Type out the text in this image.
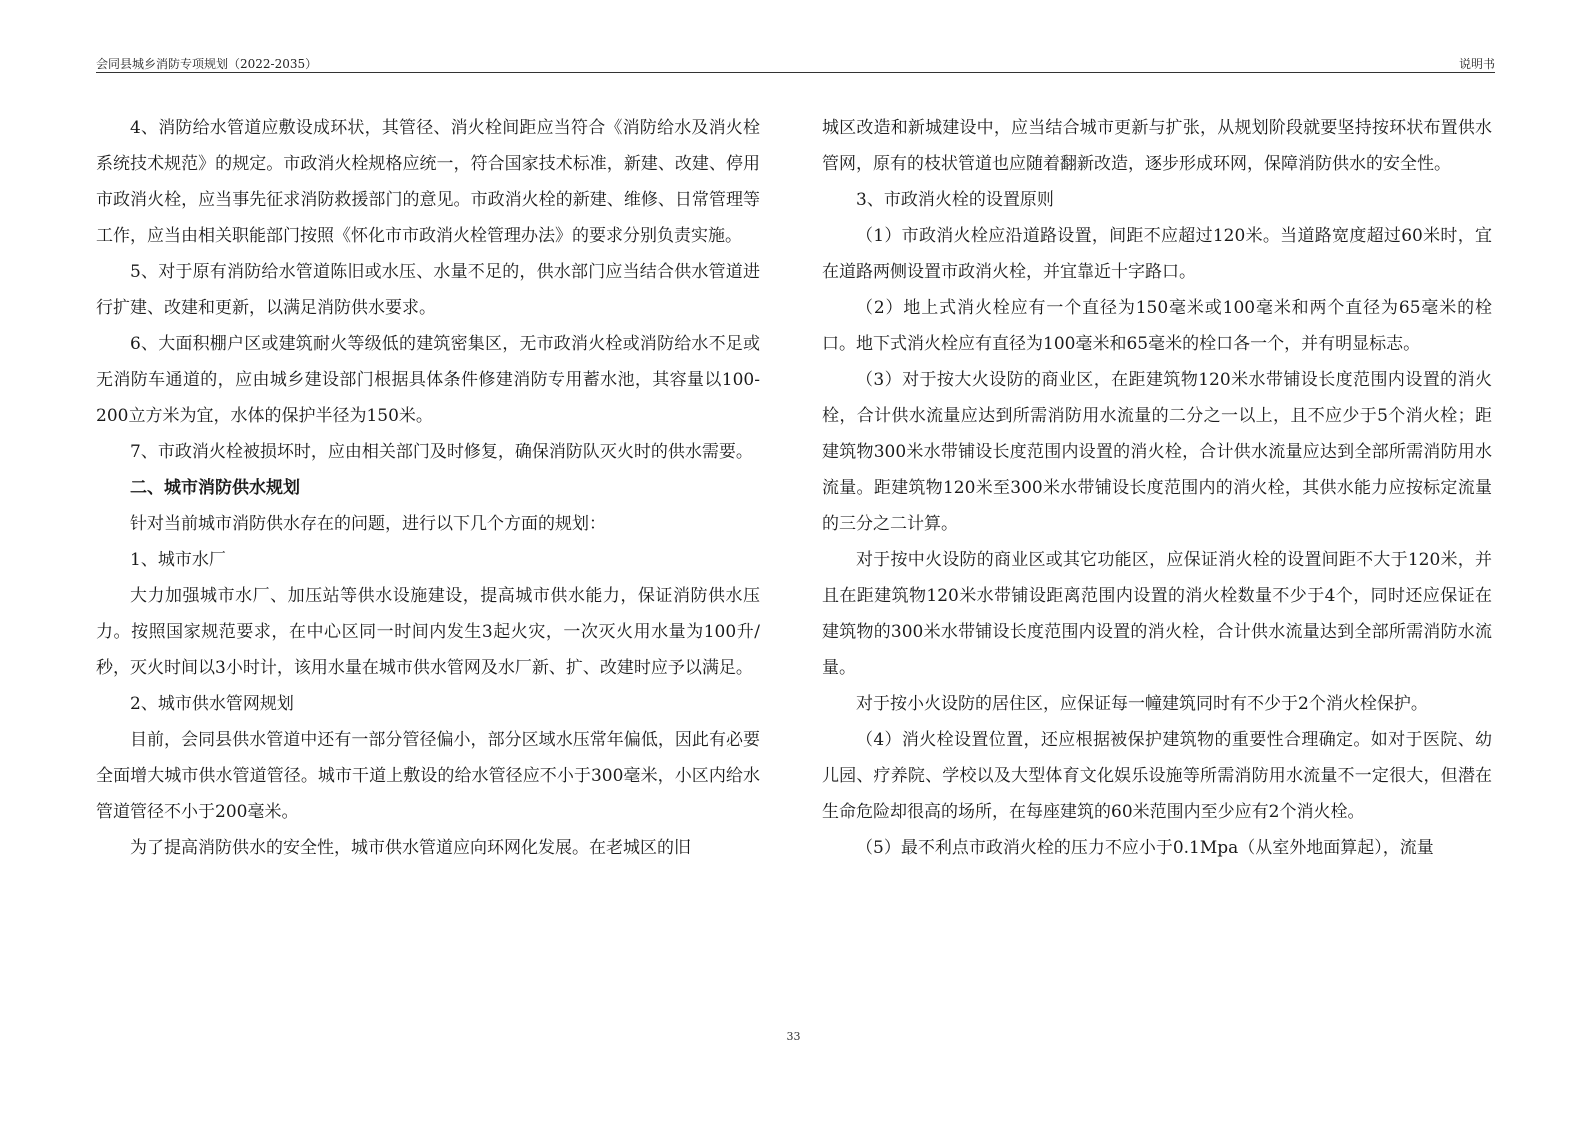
会同县城乡消防专项规划（2022-2035）	说明书

4、消防给水管道应敷设成环状，其管径、消火栓间距应当符合《消防给水及消火栓系统技术规范》的规定。市政消火栓规格应统一，符合国家技术标准，新建、改建、停用市政消火栓，应当事先征求消防救援部门的意见。市政消火栓的新建、维修、日常管理等工作，应当由相关职能部门按照《怀化市市政消火栓管理办法》的要求分别负责实施。

5、对于原有消防给水管道陈旧或水压、水量不足的，供水部门应当结合供水管道进行扩建、改建和更新，以满足消防供水要求。

6、大面积棚户区或建筑耐火等级低的建筑密集区，无市政消火栓或消防给水不足或无消防车通道的，应由城乡建设部门根据具体条件修建消防专用蓄水池，其容量以100-200立方米为宜，水体的保护半径为150米。

7、市政消火栓被损坏时，应由相关部门及时修复，确保消防队灭火时的供水需要。

二、城市消防供水规划

针对当前城市消防供水存在的问题，进行以下几个方面的规划：

1、城市水厂

大力加强城市水厂、加压站等供水设施建设，提高城市供水能力，保证消防供水压力。按照国家规范要求，在中心区同一时间内发生3起火灾，一次灭火用水量为100升/秒，灭火时间以3小时计，该用水量在城市供水管网及水厂新、扩、改建时应予以满足。

2、城市供水管网规划

目前，会同县供水管道中还有一部分管径偏小，部分区域水压常年偏低，因此有必要全面增大城市供水管道管径。城市干道上敷设的给水管径应不小于300毫米，小区内给水管道管径不小于200毫米。

为了提高消防供水的安全性，城市供水管道应向环网化发展。在老城区的旧

城区改造和新城建设中，应当结合城市更新与扩张，从规划阶段就要坚持按环状布置供水管网，原有的枝状管道也应随着翻新改造，逐步形成环网，保障消防供水的安全性。

3、市政消火栓的设置原则

（1）市政消火栓应沿道路设置，间距不应超过120米。当道路宽度超过60米时，宜在道路两侧设置市政消火栓，并宜靠近十字路口。

（2）地上式消火栓应有一个直径为150毫米或100毫米和两个直径为65毫米的栓口。地下式消火栓应有直径为100毫米和65毫米的栓口各一个，并有明显标志。

（3）对于按大火设防的商业区，在距建筑物120米水带铺设长度范围内设置的消火栓，合计供水流量应达到所需消防用水流量的二分之一以上，且不应少于5个消火栓；距建筑物300米水带铺设长度范围内设置的消火栓，合计供水流量应达到全部所需消防用水流量。距建筑物120米至300米水带铺设长度范围内的消火栓，其供水能力应按标定流量的三分之二计算。

对于按中火设防的商业区或其它功能区，应保证消火栓的设置间距不大于120米，并且在距建筑物120米水带铺设距离范围内设置的消火栓数量不少于4个，同时还应保证在建筑物的300米水带铺设长度范围内设置的消火栓，合计供水流量达到全部所需消防水流量。

对于按小火设防的居住区，应保证每一幢建筑同时有不少于2个消火栓保护。

（4）消火栓设置位置，还应根据被保护建筑物的重要性合理确定。如对于医院、幼儿园、疗养院、学校以及大型体育文化娱乐设施等所需消防用水流量不一定很大，但潜在生命危险却很高的场所，在每座建筑的60米范围内至少应有2个消火栓。

（5）最不利点市政消火栓的压力不应小于0.1Mpa（从室外地面算起），流量

33
